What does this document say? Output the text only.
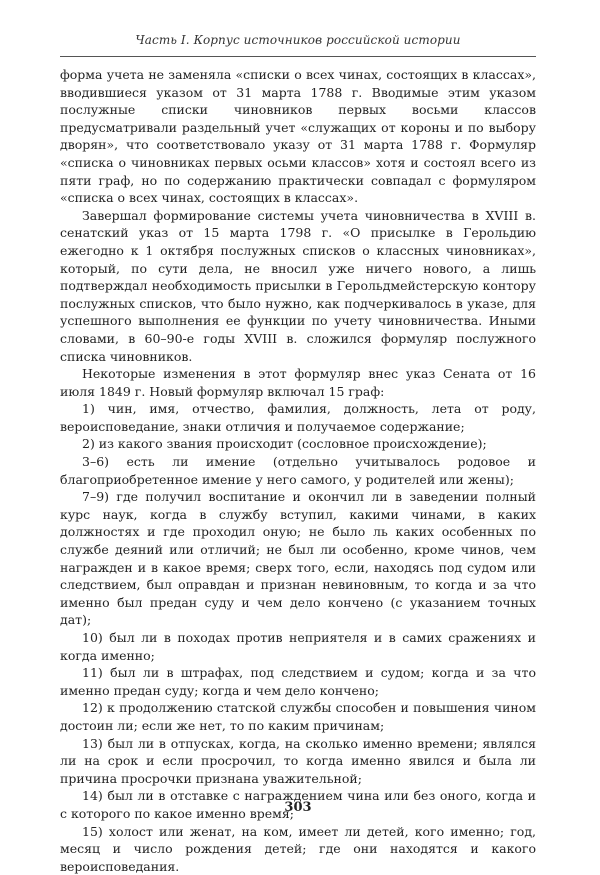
Часть I. Корпус источников российской истории

форма учета не заменяла «списки о всех чинах, состоящих в классах», вводившиеся указом от 31 марта 1788 г. Вводимые этим указом послужные списки чиновников первых восьми классов предусматривали раздельный учет «служащих от короны и по выбору дворян», что соответствовало указу от 31 марта 1788 г. Формуляр «списка о чиновниках первых осьми классов» хотя и состоял всего из пяти граф, но по содержанию практически совпадал с формуляром «списка о всех чинах, состоящих в классах».

Завершал формирование системы учета чиновничества в XVIII в. сенатский указ от 15 марта 1798 г. «О присылке в Герольдию ежегодно к 1 октября послужных списков о классных чиновниках», который, по сути дела, не вносил уже ничего нового, а лишь подтверждал необходимость присылки в Герольдмейстерскую контору послужных списков, что было нужно, как подчеркивалось в указе, для успешного выполнения ее функции по учету чиновничества. Иными словами, в 60–90-е годы XVIII в. сложился формуляр послужного списка чиновников.

Некоторые изменения в этот формуляр внес указ Сената от 16 июля 1849 г. Новый формуляр включал 15 граф:

1) чин, имя, отчество, фамилия, должность, лета от роду, вероисповедание, знаки отличия и получаемое содержание;

2) из какого звания происходит (сословное происхождение);

3–6) есть ли имение (отдельно учитывалось родовое и благоприобретенное имение у него самого, у родителей или жены);

7–9) где получил воспитание и окончил ли в заведении полный курс наук, когда в службу вступил, какими чинами, в каких должностях и где проходил оную; не было ль каких особенных по службе деяний или отличий; не был ли особенно, кроме чинов, чем награжден и в какое время; сверх того, если, находясь под судом или следствием, был оправдан и признан невиновным, то когда и за что именно был предан суду и чем дело кончено (с указанием точных дат);

10) был ли в походах против неприятеля и в самих сражениях и когда именно;

11) был ли в штрафах, под следствием и судом; когда и за что именно предан суду; когда и чем дело кончено;

12) к продолжению статской службы способен и повышения чином достоин ли; если же нет, то по каким причинам;

13) был ли в отпусках, когда, на сколько именно времени; являлся ли на срок и если просрочил, то когда именно явился и была ли причина просрочки признана уважительной;

14) был ли в отставке с награждением чина или без оного, когда и с которого по какое именно время;

15) холост или женат, на ком, имеет ли детей, кого именно; год, месяц и число рождения детей; где они находятся и какого вероисповедания.

303
